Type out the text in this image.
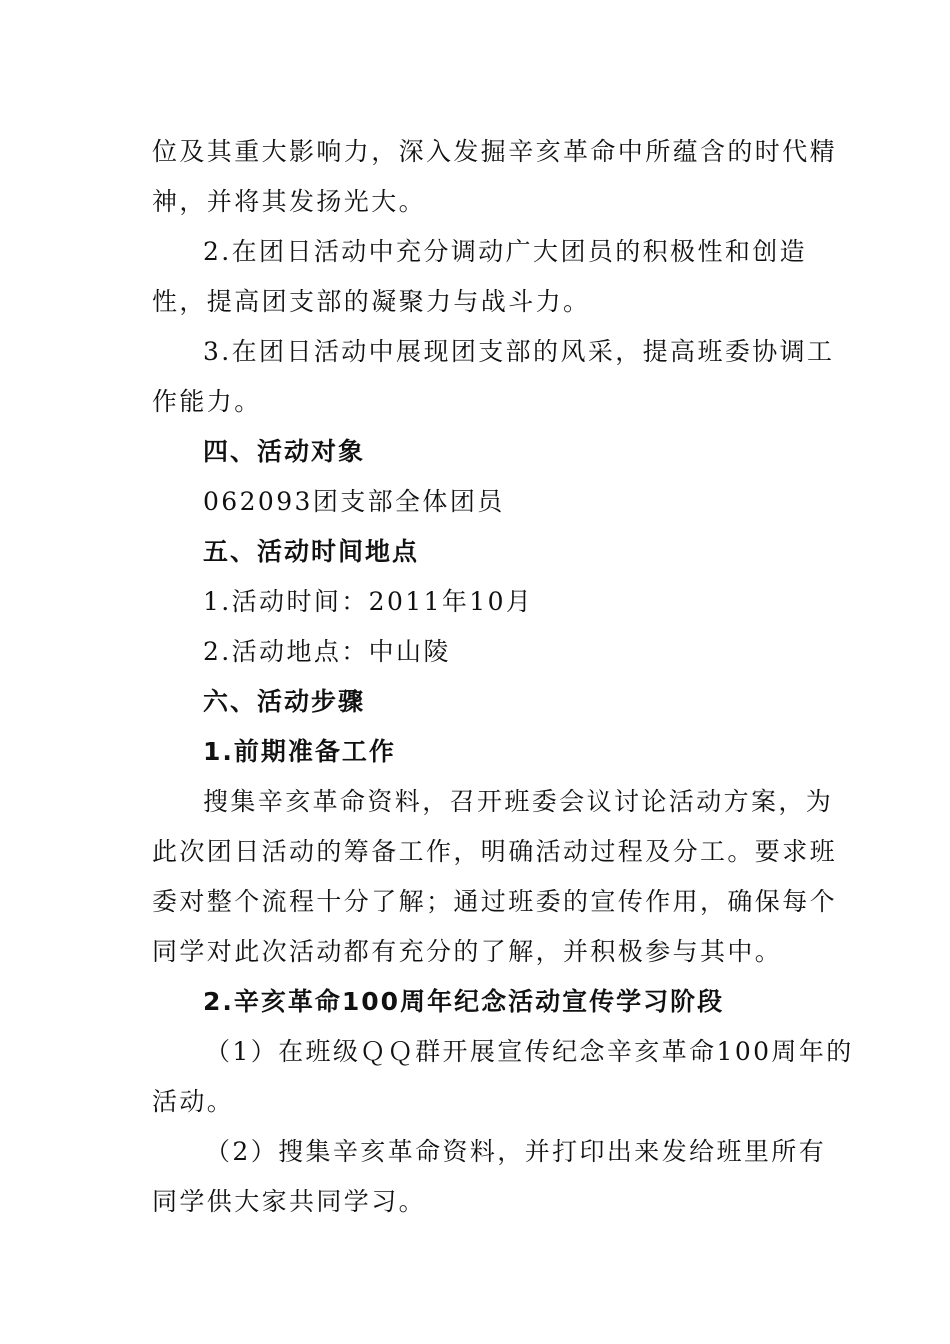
位及其重大影响力，深入发掘辛亥革命中所蕴含的时代精
神，并将其发扬光大。
2.在团日活动中充分调动广大团员的积极性和创造
性，提高团支部的凝聚力与战斗力。
3.在团日活动中展现团支部的风采，提高班委协调工
作能力。
四、活动对象
062093团支部全体团员
五、活动时间地点
1.活动时间：2011年10月
2.活动地点：中山陵
六、活动步骤
1.前期准备工作
搜集辛亥革命资料，召开班委会议讨论活动方案，为
此次团日活动的筹备工作，明确活动过程及分工。要求班
委对整个流程十分了解；通过班委的宣传作用，确保每个
同学对此次活动都有充分的了解，并积极参与其中。
2.辛亥革命100周年纪念活动宣传学习阶段
（1）在班级ＱＱ群开展宣传纪念辛亥革命100周年的
活动。
（2）搜集辛亥革命资料，并打印出来发给班里所有
同学供大家共同学习。
